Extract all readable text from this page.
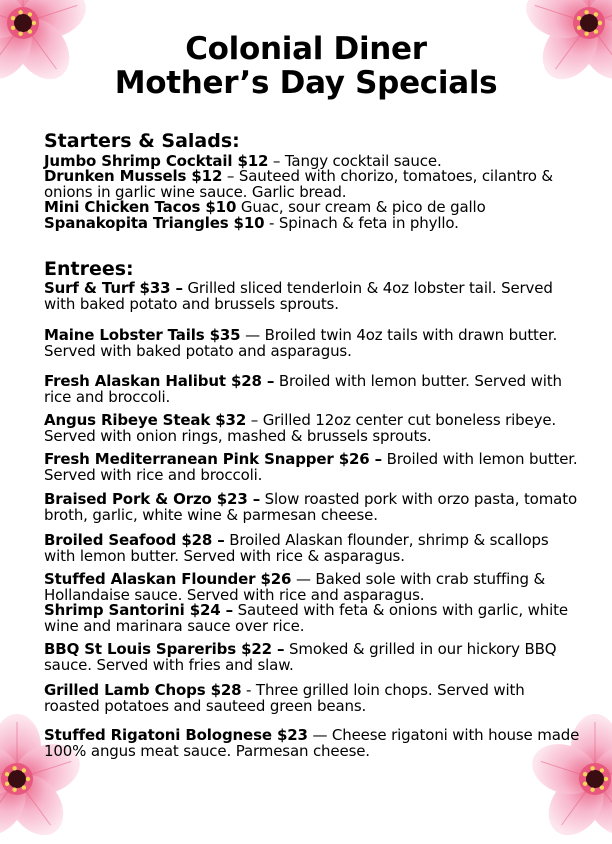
Colonial Diner
Mother’s Day Specials
Starters & Salads:
Jumbo Shrimp Cocktail $12 – Tangy cocktail sauce.
Drunken Mussels $12 – Sauteed with chorizo, tomatoes, cilantro & onions in garlic wine sauce. Garlic bread.
Mini Chicken Tacos $10 Guac, sour cream & pico de gallo
Spanakopita Triangles $10 - Spinach & feta in phyllo.
Entrees:
Surf & Turf $33 – Grilled sliced tenderloin & 4oz lobster tail. Served with baked potato and brussels sprouts.
Maine Lobster Tails $35 — Broiled twin 4oz tails with drawn butter. Served with baked potato and asparagus.
Fresh Alaskan Halibut $28 – Broiled with lemon butter. Served with rice and broccoli.
Angus Ribeye Steak $32 – Grilled 12oz center cut boneless ribeye. Served with onion rings, mashed & brussels sprouts.
Fresh Mediterranean Pink Snapper $26 – Broiled with lemon butter. Served with rice and broccoli.
Braised Pork & Orzo $23 – Slow roasted pork with orzo pasta, tomato broth, garlic, white wine & parmesan cheese.
Broiled Seafood $28 – Broiled Alaskan flounder, shrimp & scallops with lemon butter. Served with rice & asparagus.
Stuffed Alaskan Flounder $26 — Baked sole with crab stuffing & Hollandaise sauce. Served with rice and asparagus.
Shrimp Santorini $24 – Sauteed with feta & onions with garlic, white wine and marinara sauce over rice.
BBQ St Louis Spareribs $22 – Smoked & grilled in our hickory BBQ sauce. Served with fries and slaw.
Grilled Lamb Chops $28 - Three grilled loin chops. Served with roasted potatoes and sauteed green beans.
Stuffed Rigatoni Bolognese $23 — Cheese rigatoni with house made 100% angus meat sauce. Parmesan cheese.
